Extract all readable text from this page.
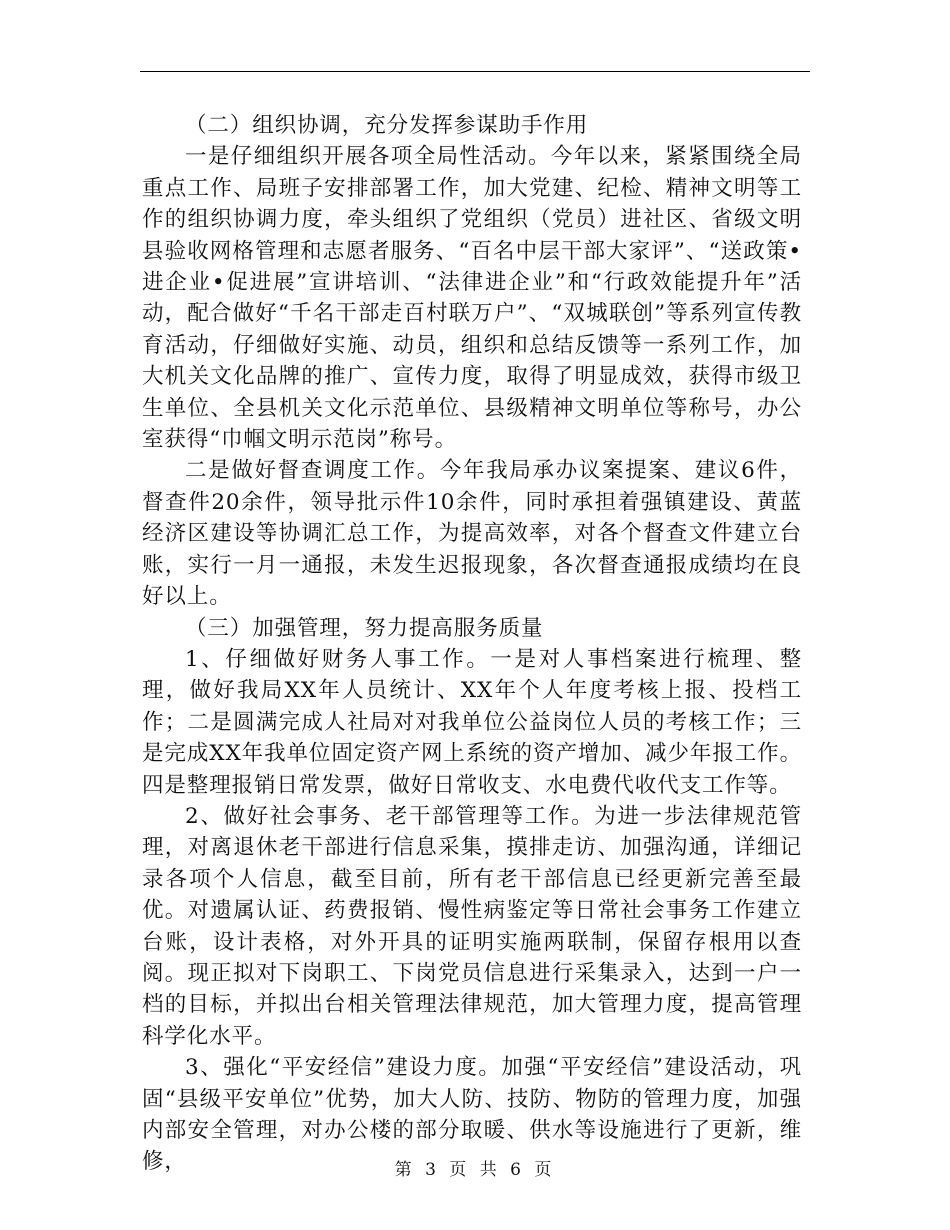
（二）组织协调，充分发挥参谋助手作用

一是仔细组织开展各项全局性活动。今年以来，紧紧围绕全局重点工作、局班子安排部署工作，加大党建、纪检、精神文明等工作的组织协调力度，牵头组织了党组织（党员）进社区、省级文明县验收网格管理和志愿者服务、“百名中层干部大家评”、“送政策•进企业•促进展”宣讲培训、“法律进企业”和“行政效能提升年”活动，配合做好“千名干部走百村联万户”、“双城联创”等系列宣传教育活动，仔细做好实施、动员，组织和总结反馈等一系列工作，加大机关文化品牌的推广、宣传力度，取得了明显成效，获得市级卫生单位、全县机关文化示范单位、县级精神文明单位等称号，办公室获得“巾帼文明示范岗”称号。

二是做好督查调度工作。今年我局承办议案提案、建议6件，督查件20余件，领导批示件10余件，同时承担着强镇建设、黄蓝经济区建设等协调汇总工作，为提高效率，对各个督查文件建立台账，实行一月一通报，未发生迟报现象，各次督查通报成绩均在良好以上。

（三）加强管理，努力提高服务质量

1、仔细做好财务人事工作。一是对人事档案进行梳理、整理，做好我局XX年人员统计、XX年个人年度考核上报、投档工作；二是圆满完成人社局对对我单位公益岗位人员的考核工作；三是完成XX年我单位固定资产网上系统的资产增加、减少年报工作。四是整理报销日常发票，做好日常收支、水电费代收代支工作等。

2、做好社会事务、老干部管理等工作。为进一步法律规范管理，对离退休老干部进行信息采集，摸排走访、加强沟通，详细记录各项个人信息，截至目前，所有老干部信息已经更新完善至最优。对遗属认证、药费报销、慢性病鉴定等日常社会事务工作建立台账，设计表格，对外开具的证明实施两联制，保留存根用以查阅。现正拟对下岗职工、下岗党员信息进行采集录入，达到一户一档的目标，并拟出台相关管理法律规范，加大管理力度，提高管理科学化水平。

3、强化“平安经信”建设力度。加强“平安经信”建设活动，巩固“县级平安单位”优势，加大人防、技防、物防的管理力度，加强内部安全管理，对办公楼的部分取暖、供水等设施进行了更新，维修，	第 3 页 共 6 页
